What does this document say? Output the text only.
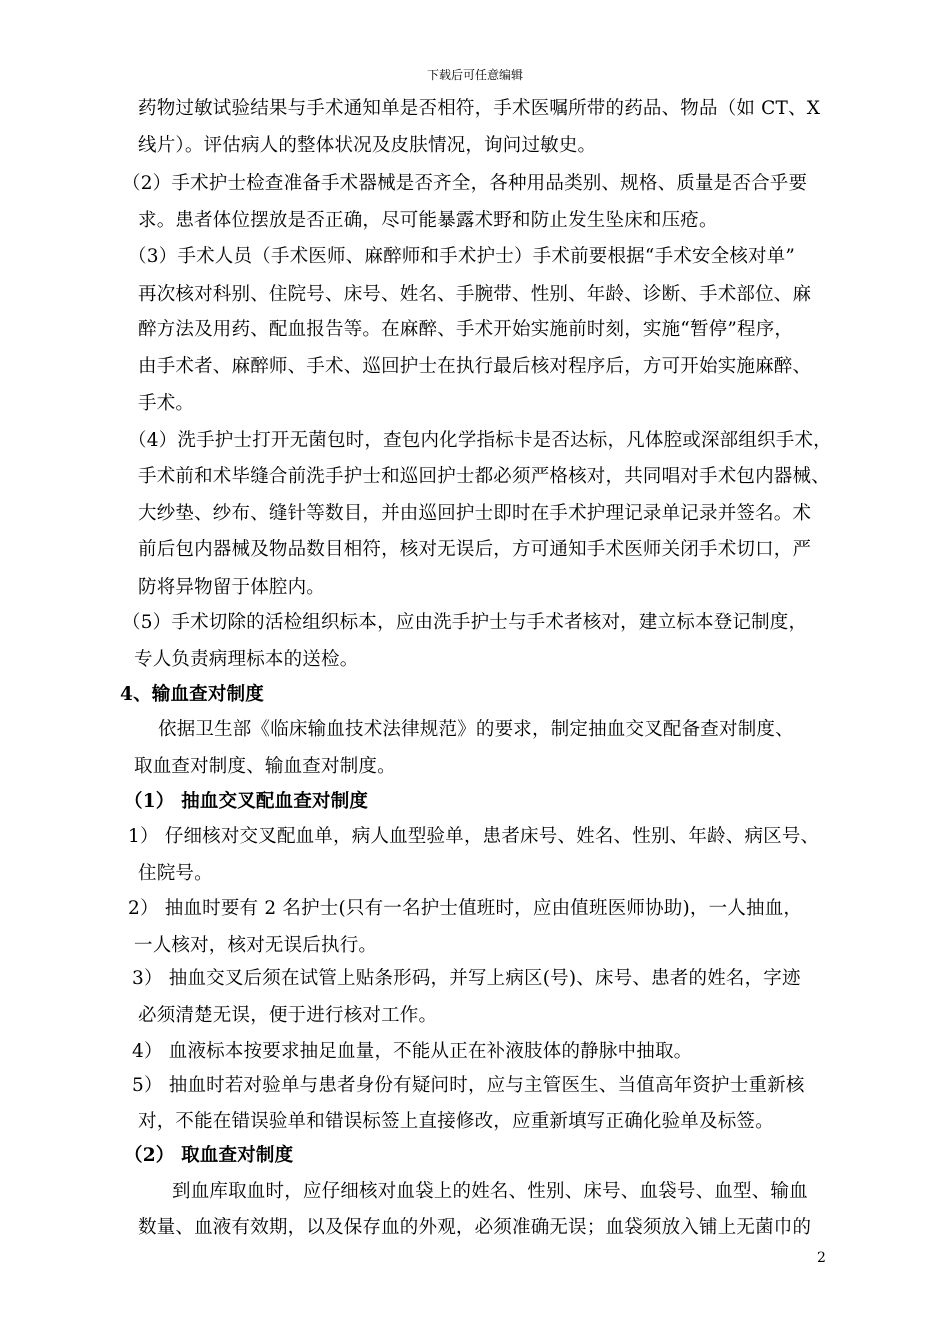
下载后可任意编辑
药物过敏试验结果与手术通知单是否相符，手术医嘱所带的药品、物品（如 CT、X
线片）。评估病人的整体状况及皮肤情况，询问过敏史。
（2）手术护士检查准备手术器械是否齐全，各种用品类别、规格、质量是否合乎要
求。患者体位摆放是否正确，尽可能暴露术野和防止发生坠床和压疮。
（3）手术人员（手术医师、麻醉师和手术护士）手术前要根据“手术安全核对单”
再次核对科别、住院号、床号、姓名、手腕带、性别、年龄、诊断、手术部位、麻
醉方法及用药、配血报告等。在麻醉、手术开始实施前时刻，实施“暂停”程序，
由手术者、麻醉师、手术、巡回护士在执行最后核对程序后，方可开始实施麻醉、
手术。
（4）洗手护士打开无菌包时，查包内化学指标卡是否达标，凡体腔或深部组织手术，
手术前和术毕缝合前洗手护士和巡回护士都必须严格核对，共同唱对手术包内器械、
大纱垫、纱布、缝针等数目，并由巡回护士即时在手术护理记录单记录并签名。术
前后包内器械及物品数目相符，核对无误后，方可通知手术医师关闭手术切口，严
防将异物留于体腔内。
（5）手术切除的活检组织标本，应由洗手护士与手术者核对，建立标本登记制度，
专人负责病理标本的送检。
4、输血查对制度
依据卫生部《临床输血技术法律规范》的要求，制定抽血交叉配备查对制度、
取血查对制度、输血查对制度。
（1） 抽血交叉配血查对制度
1） 仔细核对交叉配血单，病人血型验单，患者床号、姓名、性别、年龄、病区号、
住院号。
2） 抽血时要有 2 名护士(只有一名护士值班时，应由值班医师协助)，一人抽血，
一人核对，核对无误后执行。
3） 抽血交叉后须在试管上贴条形码，并写上病区(号)、床号、患者的姓名，字迹
必须清楚无误，便于进行核对工作。
4） 血液标本按要求抽足血量，不能从正在补液肢体的静脉中抽取。
5） 抽血时若对验单与患者身份有疑问时，应与主管医生、当值高年资护士重新核
对，不能在错误验单和错误标签上直接修改，应重新填写正确化验单及标签。
（2） 取血查对制度
到血库取血时，应仔细核对血袋上的姓名、性别、床号、血袋号、血型、输血
数量、血液有效期，以及保存血的外观，必须准确无误；血袋须放入铺上无菌巾的
2
